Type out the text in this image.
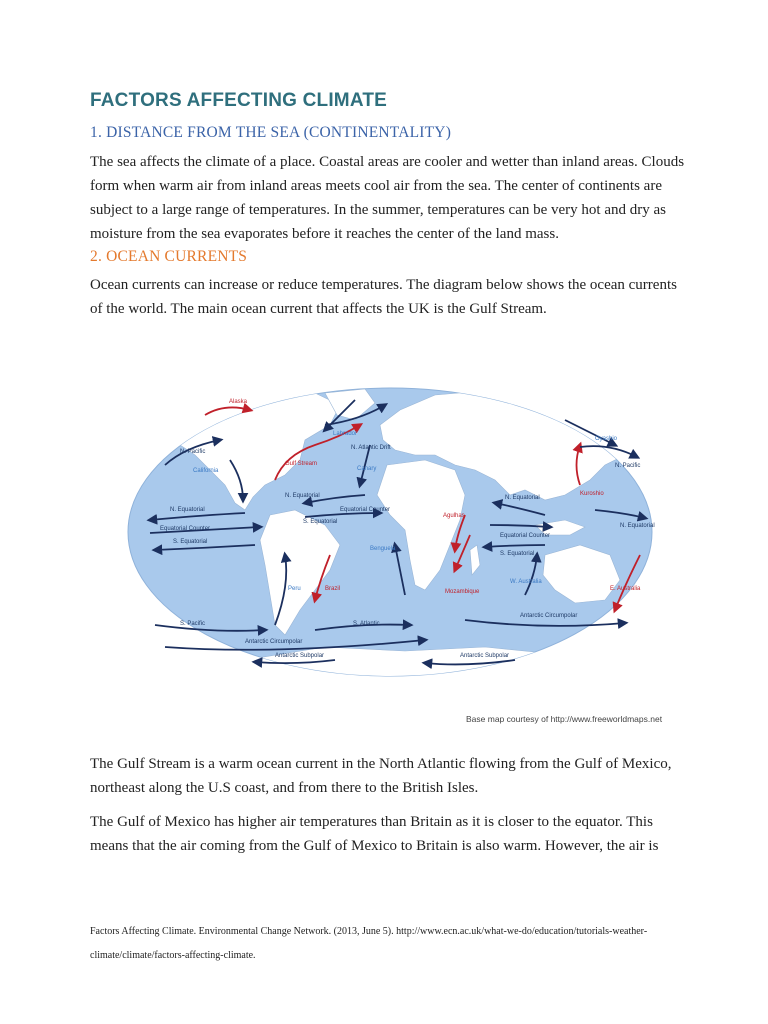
FACTORS AFFECTING CLIMATE
1. DISTANCE FROM THE SEA (CONTINENTALITY)
The sea affects the climate of a place. Coastal areas are cooler and wetter than inland areas. Clouds form when warm air from inland areas meets cool air from the sea. The center of continents are subject to a large range of temperatures. In the summer, temperatures can be very hot and dry as moisture from the sea evaporates before it reaches the center of the land mass.
2. OCEAN CURRENTS
Ocean currents can increase or reduce temperatures. The diagram below shows the ocean currents of the world. The main ocean current that affects the UK is the Gulf Stream.
Alaska
N. Pacific
California
Labrador
N. Atlantic Drift
Gulf Stream
Canary
N. Equatorial
S. Equatorial
Equatorial Counter
N. Equatorial
Equatorial Counter
S. Equatorial
Peru	Brazil
Benguela
S. Pacific	S. Atlantic
Antarctic Circumpolar
Antarctic Subpolar	Antarctic Subpolar
Oyashio
N. Pacific
Kuroshio
N. Equatorial
N. Equatorial
Equatorial Counter
S. Equatorial
W. Australia
Mozambique
Antarctic Circumpolar
E. Australia
Agulhas
Base map courtesy of http://www.freeworldmaps.net
The Gulf Stream is a warm ocean current in the North Atlantic flowing from the Gulf of Mexico, northeast along the U.S coast, and from there to the British Isles.
The Gulf of Mexico has higher air temperatures than Britain as it is closer to the equator. This means that the air coming from the Gulf of Mexico to Britain is also warm. However, the air is
Factors Affecting Climate. Environmental Change Network. (2013, June 5). http://www.ecn.ac.uk/what-we-do/education/tutorials-weather-climate/climate/factors-affecting-climate.
